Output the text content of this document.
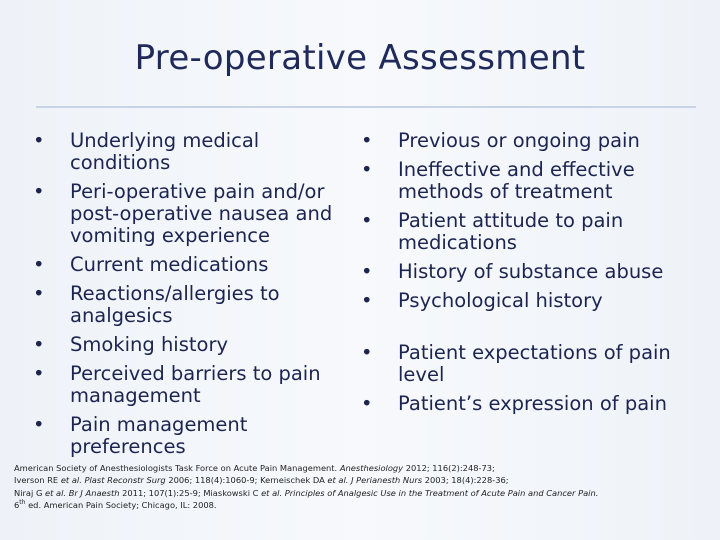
Pre-operative Assessment
• Underlying medical conditions
• Peri-operative pain and/or post-operative nausea and vomiting experience
• Current medications
• Reactions/allergies to analgesics
• Smoking history
• Perceived barriers to pain management
• Pain management preferences
• Previous or ongoing pain
• Ineffective and effective methods of treatment
• Patient attitude to pain medications
• History of substance abuse
• Psychological history
• Patient expectations of pain level
• Patient’s expression of pain
American Society of Anesthesiologists Task Force on Acute Pain Management. Anesthesiology 2012; 116(2):248-73;
Iverson RE et al. Plast Reconstr Surg 2006; 118(4):1060-9; Kerneischek DA et al. J Perianesth Nurs 2003; 18(4):228-36;
Niraj G et al. Br J Anaesth 2011; 107(1):25-9; Miaskowski C et al. Principles of Analgesic Use in the Treatment of Acute Pain and Cancer Pain.
6th ed. American Pain Society; Chicago, IL: 2008.
